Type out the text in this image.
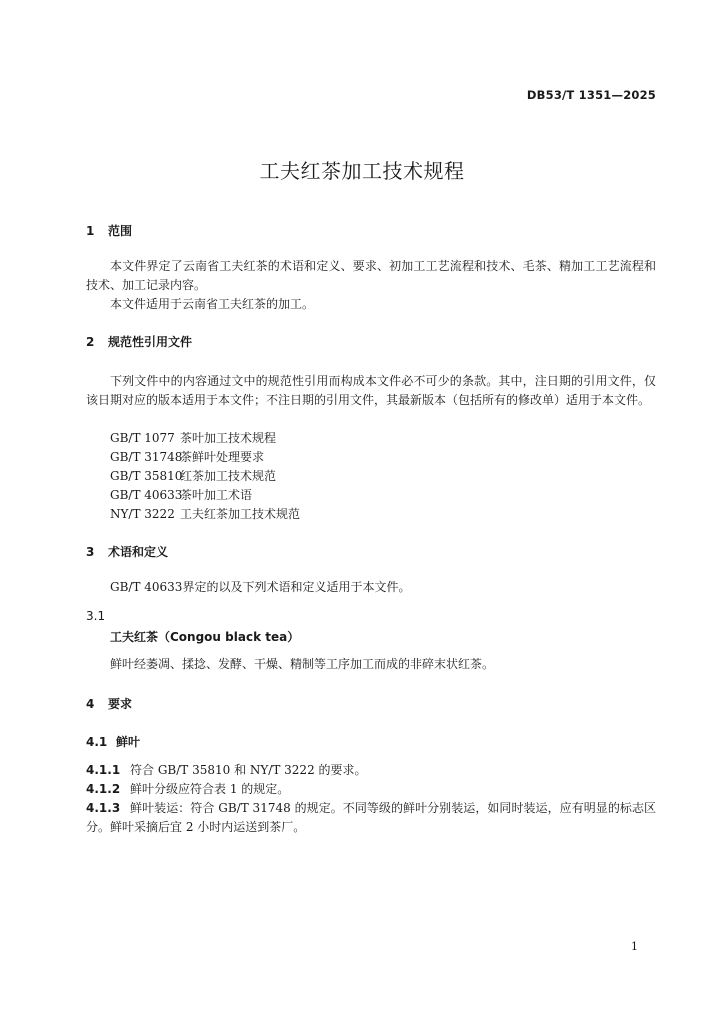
DB53/T 1351—2025
工夫红茶加工技术规程
1 范围
本文件界定了云南省工夫红茶的术语和定义、要求、初加工工艺流程和技术、毛茶、精加工工艺流程和技术、加工记录内容。
本文件适用于云南省工夫红茶的加工。
2 规范性引用文件
下列文件中的内容通过文中的规范性引用而构成本文件必不可少的条款。其中，注日期的引用文件，仅该日期对应的版本适用于本文件；不注日期的引用文件，其最新版本（包括所有的修改单）适用于本文件。
GB/T 1077 茶叶加工技术规程
GB/T 31748茶鲜叶处理要求
GB/T 35810红茶加工技术规范
GB/T 40633茶叶加工术语
NY/T 3222 工夫红茶加工技术规范
3 术语和定义
GB/T 40633界定的以及下列术语和定义适用于本文件。
3.1
工夫红茶（Congou black tea）
鲜叶经萎凋、揉捻、发酵、干燥、精制等工序加工而成的非碎末状红茶。
4 要求
4.1 鲜叶
4.1.1 符合 GB/T 35810 和 NY/T 3222 的要求。
4.1.2 鲜叶分级应符合表 1 的规定。
4.1.3 鲜叶装运：符合 GB/T 31748 的规定。不同等级的鲜叶分别装运，如同时装运，应有明显的标志区分。鲜叶采摘后宜 2 小时内运送到茶厂。
1
